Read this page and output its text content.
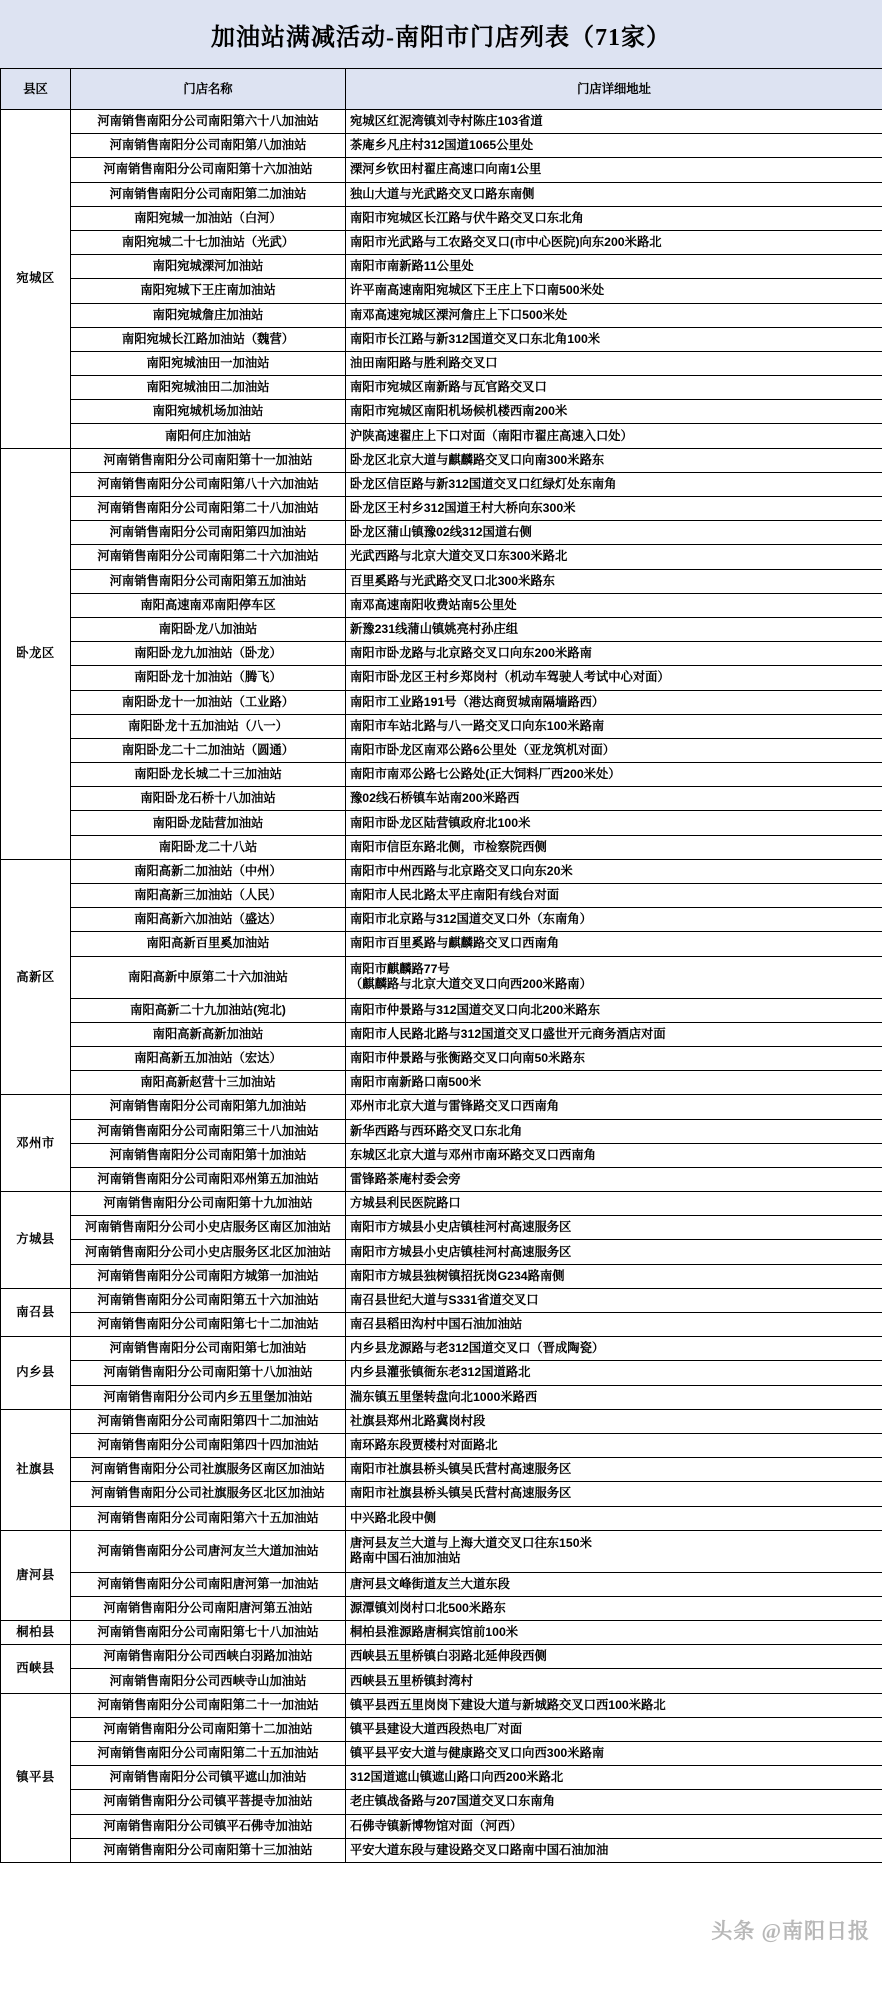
加油站满减活动-南阳市门店列表（71家）
县区	门店名称	门店详细地址
宛城区	河南销售南阳分公司南阳第六十八加油站	宛城区红泥湾镇刘寺村陈庄103省道

	河南销售南阳分公司南阳第八加油站	茶庵乡凡庄村312国道1065公里处

	河南销售南阳分公司南阳第十六加油站	溧河乡钦田村翟庄高速口向南1公里

	河南销售南阳分公司南阳第二加油站	独山大道与光武路交叉口路东南侧

	南阳宛城一加油站（白河）	南阳市宛城区长江路与伏牛路交叉口东北角

	南阳宛城二十七加油站（光武）	南阳市光武路与工农路交叉口(市中心医院)向东200米路北

	南阳宛城溧河加油站	南阳市南新路11公里处

	南阳宛城下王庄南加油站	许平南高速南阳宛城区下王庄上下口南500米处

	南阳宛城詹庄加油站	南邓高速宛城区溧河詹庄上下口500米处

	南阳宛城长江路加油站（魏营）	南阳市长江路与新312国道交叉口东北角100米

	南阳宛城油田一加油站	油田南阳路与胜利路交叉口

	南阳宛城油田二加油站	南阳市宛城区南新路与瓦官路交叉口

	南阳宛城机场加油站	南阳市宛城区南阳机场候机楼西南200米

	南阳何庄加油站	沪陕高速翟庄上下口对面（南阳市翟庄高速入口处）

卧龙区	河南销售南阳分公司南阳第十一加油站	卧龙区北京大道与麒麟路交叉口向南300米路东

	河南销售南阳分公司南阳第八十六加油站	卧龙区信臣路与新312国道交叉口红绿灯处东南角

	河南销售南阳分公司南阳第二十八加油站	卧龙区王村乡312国道王村大桥向东300米

	河南销售南阳分公司南阳第四加油站	卧龙区蒲山镇豫02线312国道右侧

	河南销售南阳分公司南阳第二十六加油站	光武西路与北京大道交叉口东300米路北

	河南销售南阳分公司南阳第五加油站	百里奚路与光武路交叉口北300米路东

	南阳高速南邓南阳停车区	南邓高速南阳收费站南5公里处

	南阳卧龙八加油站	新豫231线蒲山镇姚亮村孙庄组

	南阳卧龙九加油站（卧龙）	南阳市卧龙路与北京路交叉口向东200米路南

	南阳卧龙十加油站（腾飞）	南阳市卧龙区王村乡郑岗村（机动车驾驶人考试中心对面）

	南阳卧龙十一加油站（工业路）	南阳市工业路191号（港达商贸城南隔墙路西）

	南阳卧龙十五加油站（八一）	南阳市车站北路与八一路交叉口向东100米路南

	南阳卧龙二十二加油站（圆通）	南阳市卧龙区南邓公路6公里处（亚龙筑机对面）

	南阳卧龙长城二十三加油站	南阳市南邓公路七公路处(正大饲料厂西200米处）

	南阳卧龙石桥十八加油站	豫02线石桥镇车站南200米路西

	南阳卧龙陆营加油站	南阳市卧龙区陆营镇政府北100米

	南阳卧龙二十八站	南阳市信臣东路北侧，市检察院西侧

高新区	南阳高新二加油站（中州）	南阳市中州西路与北京路交叉口向东20米

	南阳高新三加油站（人民）	南阳市人民北路太平庄南阳有线台对面

	南阳高新六加油站（盛达）	南阳市北京路与312国道交叉口外（东南角）

	南阳高新百里奚加油站	南阳市百里奚路与麒麟路交叉口西南角

	南阳高新中原第二十六加油站	南阳市麒麟路77号
（麒麟路与北京大道交叉口向西200米路南）

	南阳高新二十九加油站(宛北)	南阳市仲景路与312国道交叉口向北200米路东

	南阳高新高新加油站	南阳市人民路北路与312国道交叉口盛世开元商务酒店对面

	南阳高新五加油站（宏达）	南阳市仲景路与张衡路交叉口向南50米路东

	南阳高新赵营十三加油站	南阳市南新路口南500米

邓州市	河南销售南阳分公司南阳第九加油站	邓州市北京大道与雷锋路交叉口西南角

	河南销售南阳分公司南阳第三十八加油站	新华西路与西环路交叉口东北角

	河南销售南阳分公司南阳第十加油站	东城区北京大道与邓州市南环路交叉口西南角

	河南销售南阳分公司南阳邓州第五加油站	雷锋路茶庵村委会旁

方城县	河南销售南阳分公司南阳第十九加油站	方城县利民医院路口

	河南销售南阳分公司小史店服务区南区加油站	南阳市方城县小史店镇桂河村高速服务区

	河南销售南阳分公司小史店服务区北区加油站	南阳市方城县小史店镇桂河村高速服务区

	河南销售南阳分公司南阳方城第一加油站	南阳市方城县独树镇招抚岗G234路南侧

南召县	河南销售南阳分公司南阳第五十六加油站	南召县世纪大道与S331省道交叉口

	河南销售南阳分公司南阳第七十二加油站	南召县稻田沟村中国石油加油站

内乡县	河南销售南阳分公司南阳第七加油站	内乡县龙源路与老312国道交叉口（晋成陶瓷）

	河南销售南阳分公司南阳第十八加油站	内乡县灌张镇衙东老312国道路北

	河南销售南阳分公司内乡五里堡加油站	湍东镇五里堡转盘向北1000米路西

社旗县	河南销售南阳分公司南阳第四十二加油站	社旗县郑州北路冀岗村段

	河南销售南阳分公司南阳第四十四加油站	南环路东段贾楼村对面路北

	河南销售南阳分公司社旗服务区南区加油站	南阳市社旗县桥头镇吴氏营村高速服务区

	河南销售南阳分公司社旗服务区北区加油站	南阳市社旗县桥头镇吴氏营村高速服务区

	河南销售南阳分公司南阳第六十五加油站	中兴路北段中侧

唐河县	河南销售南阳分公司唐河友兰大道加油站	唐河县友兰大道与上海大道交叉口往东150米
路南中国石油加油站

	河南销售南阳分公司南阳唐河第一加油站	唐河县文峰街道友兰大道东段

	河南销售南阳分公司南阳唐河第五油站	源潭镇刘岗村口北500米路东

桐柏县	河南销售南阳分公司南阳第七十八加油站	桐柏县淮源路唐桐宾馆前100米

西峡县	河南销售南阳分公司西峡白羽路加油站	西峡县五里桥镇白羽路北延伸段西侧

	河南销售南阳分公司西峡寺山加油站	西峡县五里桥镇封湾村

镇平县	河南销售南阳分公司南阳第二十一加油站	镇平县西五里岗岗下建设大道与新城路交叉口西100米路北

	河南销售南阳分公司南阳第十二加油站	镇平县建设大道西段热电厂对面

	河南销售南阳分公司南阳第二十五加油站	镇平县平安大道与健康路交叉口向西300米路南

	河南销售南阳分公司镇平遮山加油站	312国道遮山镇遮山路口向西200米路北

	河南销售南阳分公司镇平菩提寺加油站	老庄镇战备路与207国道交叉口东南角

	河南销售南阳分公司镇平石佛寺加油站	石佛寺镇新博物馆对面（河西）

	河南销售南阳分公司南阳第十三加油站	平安大道东段与建设路交叉口路南中国石油加油
头条 @南阳日报
